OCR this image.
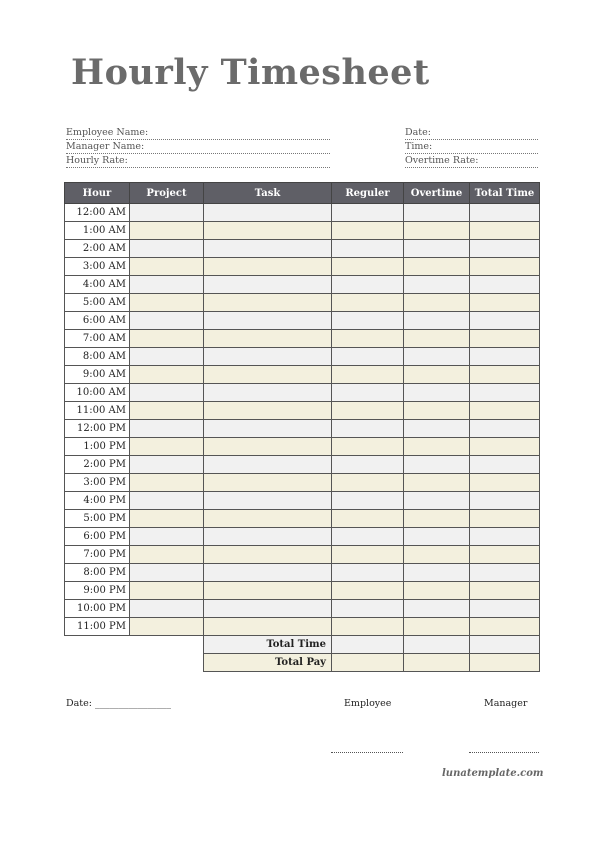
Hourly Timesheet
Employee Name:
Manager Name:
Hourly Rate:
Date:
Time:
Overtime Rate:
Hour	Project	Task	Reguler	Overtime	Total Time
12:00 AM					
1:00 AM					
2:00 AM					
3:00 AM					
4:00 AM					
5:00 AM					
6:00 AM					
7:00 AM					
8:00 AM					
9:00 AM					
10:00 AM					
11:00 AM					
12:00 PM					
1:00 PM					
2:00 PM					
3:00 PM					
4:00 PM					
5:00 PM					
6:00 PM					
7:00 PM					
8:00 PM					
9:00 PM					
10:00 PM					
11:00 PM					
		Total Time			
		Total Pay			
Date: ________________	Employee	Manager
lunatemplate.com
